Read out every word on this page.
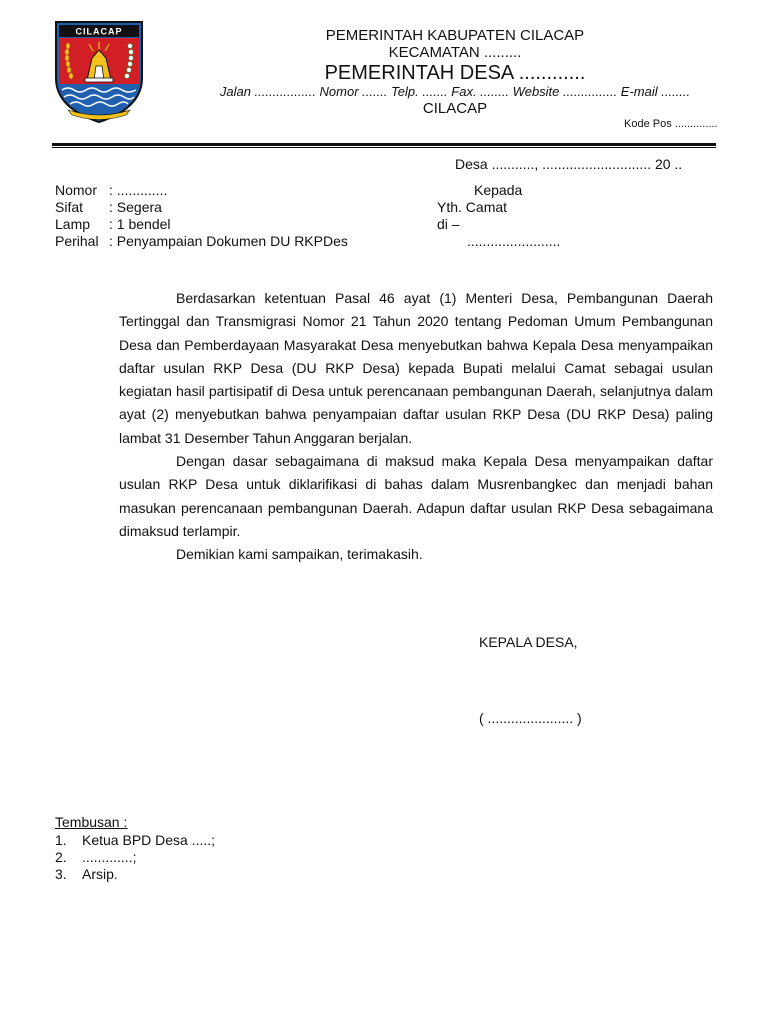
CILACAP	PEMERINTAH KABUPATEN CILACAP
KECAMATAN .........
PEMERINTAH DESA ............
Jalan ................. Nomor ....... Telp. ....... Fax. ........ Website ............... E-mail ........
CILACAP
Kode Pos ..............
Desa ..........., ............................ 20 ..
Nomor : .............
Sifat : Segera
Lamp : 1 bendel
Perihal : Penyampaian Dokumen DU RKPDes
Kepada
Yth. Camat
di –
........................

Berdasarkan ketentuan Pasal 46 ayat (1) Menteri Desa, Pembangunan Daerah Tertinggal dan Transmigrasi Nomor 21 Tahun 2020 tentang Pedoman Umum Pembangunan Desa dan Pemberdayaan Masyarakat Desa menyebutkan bahwa Kepala Desa menyampaikan daftar usulan RKP Desa (DU RKP Desa) kepada Bupati melalui Camat sebagai usulan kegiatan hasil partisipatif di Desa untuk perencanaan pembangunan Daerah, selanjutnya dalam ayat (2) menyebutkan bahwa penyampaian daftar usulan RKP Desa (DU RKP Desa) paling lambat 31 Desember Tahun Anggaran berjalan.

Dengan dasar sebagaimana di maksud maka Kepala Desa menyampaikan daftar usulan RKP Desa untuk diklarifikasi di bahas dalam Musrenbangkec dan menjadi bahan masukan perencanaan pembangunan Daerah. Adapun daftar usulan RKP Desa sebagaimana dimaksud terlampir.

Demikian kami sampaikan, terimakasih.

KEPALA DESA,
( ...................... )
Tembusan :
1. Ketua BPD Desa .....;
2. .............;
3. Arsip.
